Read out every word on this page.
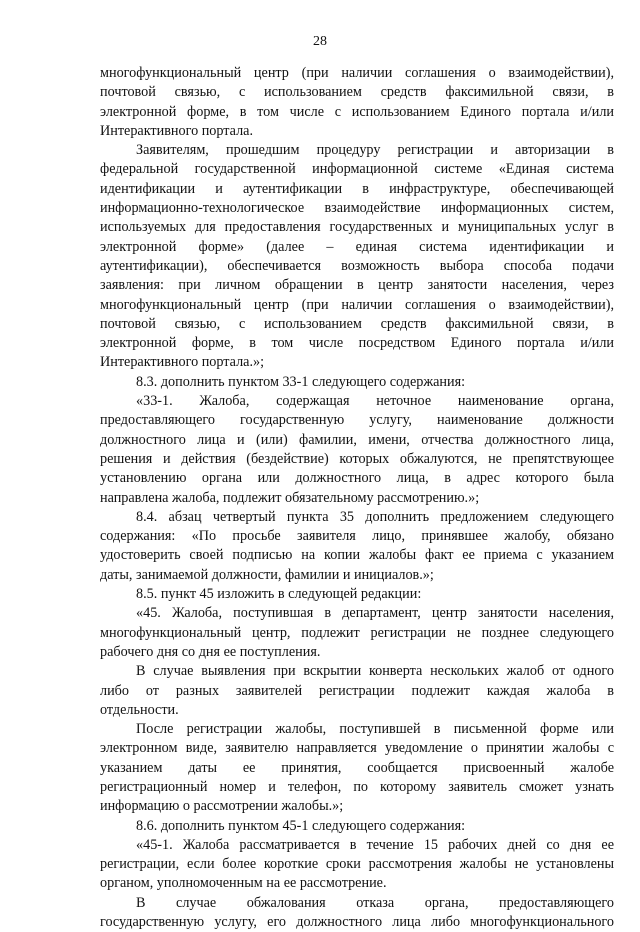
28
многофункциональный центр (при наличии соглашения о взаимодействии),
почтовой связью, с использованием средств факсимильной связи, в
электронной форме, в том числе с использованием Единого портала и/или
Интерактивного портала.
Заявителям, прошедшим процедуру регистрации и авторизации в
федеральной государственной информационной системе «Единая система
идентификации и аутентификации в инфраструктуре, обеспечивающей
информационно-технологическое взаимодействие информационных систем,
используемых для предоставления государственных и муниципальных услуг в
электронной форме» (далее – единая система идентификации и
аутентификации), обеспечивается возможность выбора способа подачи
заявления: при личном обращении в центр занятости населения, через
многофункциональный центр (при наличии соглашения о взаимодействии),
почтовой связью, с использованием средств факсимильной связи, в
электронной форме, в том числе посредством Единого портала и/или
Интерактивного портала.»;
8.3. дополнить пунктом 33-1 следующего содержания:
«33-1. Жалоба, содержащая неточное наименование органа,
предоставляющего государственную услугу, наименование должности
должностного лица и (или) фамилии, имени, отчества должностного лица,
решения и действия (бездействие) которых обжалуются, не препятствующее
установлению органа или должностного лица, в адрес которого была
направлена жалоба, подлежит обязательному рассмотрению.»;
8.4. абзац четвертый пункта 35 дополнить предложением следующего
содержания: «По просьбе заявителя лицо, принявшее жалобу, обязано
удостоверить своей подписью на копии жалобы факт ее приема с указанием
даты, занимаемой должности, фамилии и инициалов.»;
8.5. пункт 45 изложить в следующей редакции:
«45. Жалоба, поступившая в департамент, центр занятости населения,
многофункциональный центр, подлежит регистрации не позднее следующего
рабочего дня со дня ее поступления.
В случае выявления при вскрытии конверта нескольких жалоб от одного
либо от разных заявителей регистрации подлежит каждая жалоба в
отдельности.
После регистрации жалобы, поступившей в письменной форме или
электронном виде, заявителю направляется уведомление о принятии жалобы с
указанием даты ее принятия, сообщается присвоенный жалобе
регистрационный номер и телефон, по которому заявитель сможет узнать
информацию о рассмотрении жалобы.»;
8.6. дополнить пунктом 45-1 следующего содержания:
«45-1. Жалоба рассматривается в течение 15 рабочих дней со дня ее
регистрации, если более короткие сроки рассмотрения жалобы не установлены
органом, уполномоченным на ее рассмотрение.
В случае обжалования отказа органа, предоставляющего
государственную услугу, его должностного лица либо многофункционального
